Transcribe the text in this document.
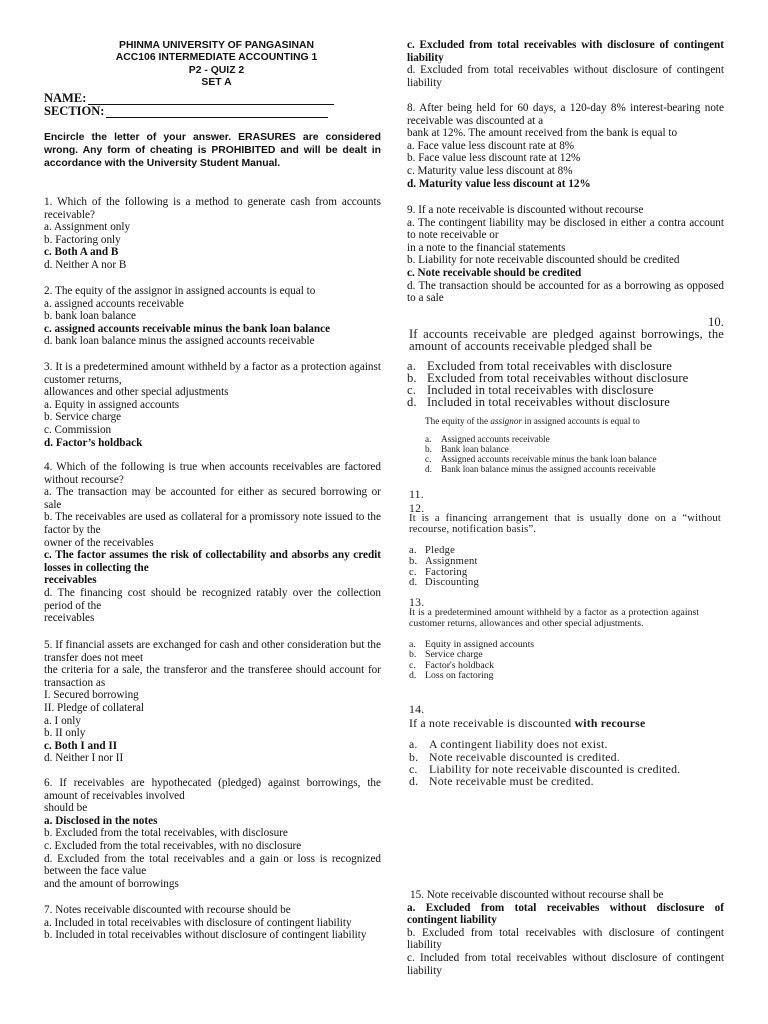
PHINMA UNIVERSITY OF PANGASINAN
ACC106 INTERMEDIATE ACCOUNTING 1
P2 - QUIZ 2
SET A
NAME:
SECTION:
Encircle the letter of your answer. ERASURES are considered wrong. Any form of cheating is PROHIBITED and will be dealt in accordance with the University Student Manual.
1. Which of the following is a method to generate cash from accounts receivable?
a. Assignment only
b. Factoring only
c. Both A and B
d. Neither A nor B
2. The equity of the assignor in assigned accounts is equal to
a. assigned accounts receivable
b. bank loan balance
c. assigned accounts receivable minus the bank loan balance
d. bank loan balance minus the assigned accounts receivable
3. It is a predetermined amount withheld by a factor as a protection against customer returns,
allowances and other special adjustments
a. Equity in assigned accounts
b. Service charge
c. Commission
d. Factor’s holdback
4. Which of the following is true when accounts receivables are factored without recourse?
a. The transaction may be accounted for either as secured borrowing or sale
b. The receivables are used as collateral for a promissory note issued to the factor by the
owner of the receivables
c. The factor assumes the risk of collectability and absorbs any credit losses in collecting the
receivables
d. The financing cost should be recognized ratably over the collection period of the
receivables
5. If financial assets are exchanged for cash and other consideration but the transfer does not meet
the criteria for a sale, the transferor and the transferee should account for transaction as
I. Secured borrowing
II. Pledge of collateral
a. I only
b. II only
c. Both I and II
d. Neither I nor II
6. If receivables are hypothecated (pledged) against borrowings, the amount of receivables involved
should be
a. Disclosed in the notes
b. Excluded from the total receivables, with disclosure
c. Excluded from the total receivables, with no disclosure
d. Excluded from the total receivables and a gain or loss is recognized between the face value
and the amount of borrowings
7. Notes receivable discounted with recourse should be
a. Included in total receivables with disclosure of contingent liability
b. Included in total receivables without disclosure of contingent liability
c. Excluded from total receivables with disclosure of contingent liability
d. Excluded from total receivables without disclosure of contingent liability
8. After being held for 60 days, a 120-day 8% interest-bearing note receivable was discounted at a
bank at 12%. The amount received from the bank is equal to
a. Face value less discount rate at 8%
b. Face value less discount rate at 12%
c. Maturity value less discount at 8%
d. Maturity value less discount at 12%
9. If a note receivable is discounted without recourse
a. The contingent liability may be disclosed in either a contra account to note receivable or
in a note to the financial statements
b. Liability for note receivable discounted should be credited
c. Note receivable should be credited
d. The transaction should be accounted for as a borrowing as opposed to a sale
10.
If accounts receivable are pledged against borrowings, the amount of accounts receivable pledged shall be
a. Excluded from total receivables with disclosure
b. Excluded from total receivables without disclosure
c. Included in total receivables with disclosure
d. Included in total receivables without disclosure
The equity of the assignor in assigned accounts is equal to
a.	Assigned accounts receivable
b. Bank loan balance
c.	Assigned accounts receivable minus the bank loan balance
d. Bank loan balance minus the assigned accounts receivable
11.
12.
It is a financing arrangement that is usually done on a “without recourse, notification basis”.
a. Pledge
b. Assignment
c. Factoring
d. Discounting
13.
It is a predetermined amount withheld by a factor as a protection against customer returns, allowances and other special adjustments.
a. Equity in assigned accounts
b. Service charge
c. Factor's holdback
d. Loss on factoring
14.
If a note receivable is discounted with recourse
a. A contingent liability does not exist.
b. Note receivable discounted is credited.
c. Liability for note receivable discounted is credited.
d. Note receivable must be credited.
15. Note receivable discounted without recourse shall be
a. Excluded from total receivables without disclosure of contingent liability
b. Excluded from total receivables with disclosure of contingent liability
c. Included from total receivables without disclosure of contingent liability
